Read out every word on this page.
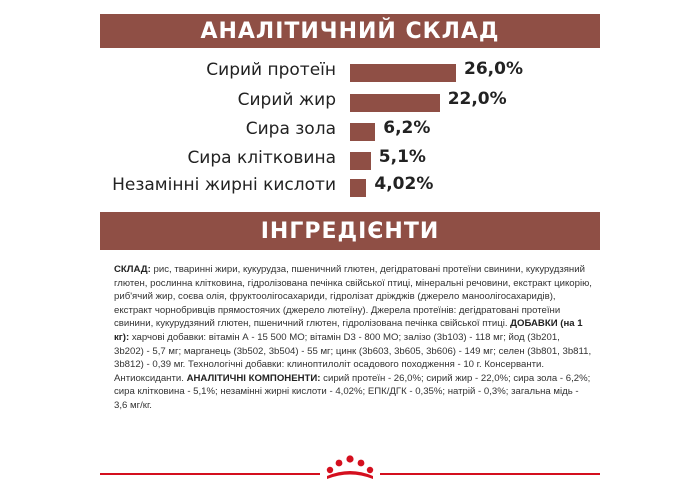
АНАЛІТИЧНИЙ СКЛАД
Сирий протеїн	26,0%
Сирий жир	22,0%
Сира зола	6,2%
Сира клітковина	5,1%
Незамінні жирні кислоти 4,02%
ІНГРЕДІЄНТИ
СКЛАД: рис, тваринні жири, кукурудза, пшеничний глютен, дегідратовані протеїни свинини, кукурудзяний глютен, рослинна клітковина, гідролізована печінка свійської птиці, мінеральні речовини, екстракт цикорію, риб'ячий жир, соєва олія, фруктоолігосахариди, гідролізат дріжджів (джерело маноолігосахаридів), екстракт чорнобривців прямостоячих (джерело лютеїну). Джерела протеїнів: дегідратовані протеїни свинини, кукурудзяний глютен, пшеничний глютен, гідролізована печінка свійської птиці. ДОБАВКИ (на 1 кг): харчові добавки: вітамін А - 15 500 МО; вітамін D3 - 800 МО; залізо (3b103) - 118 мг; йод (3b201, 3b202) - 5,7 мг; марганець (3b502, 3b504) - 55 мг; цинк (3b603, 3b605, 3b606) - 149 мг; селен (3b801, 3b811, 3b812) - 0,39 мг. Технологічні добавки: клиноптилоліт осадового походження - 10 г. Консерванти. Антиоксиданти. АНАЛІТИЧНІ КОМПОНЕНТИ: сирий протеїн - 26,0%; сирий жир - 22,0%; сира зола - 6,2%; сира клітковина - 5,1%; незамінні жирні кислоти - 4,02%; ЕПК/ДГК - 0,35%; натрій - 0,3%; загальна мідь - 3,6 мг/кг.
